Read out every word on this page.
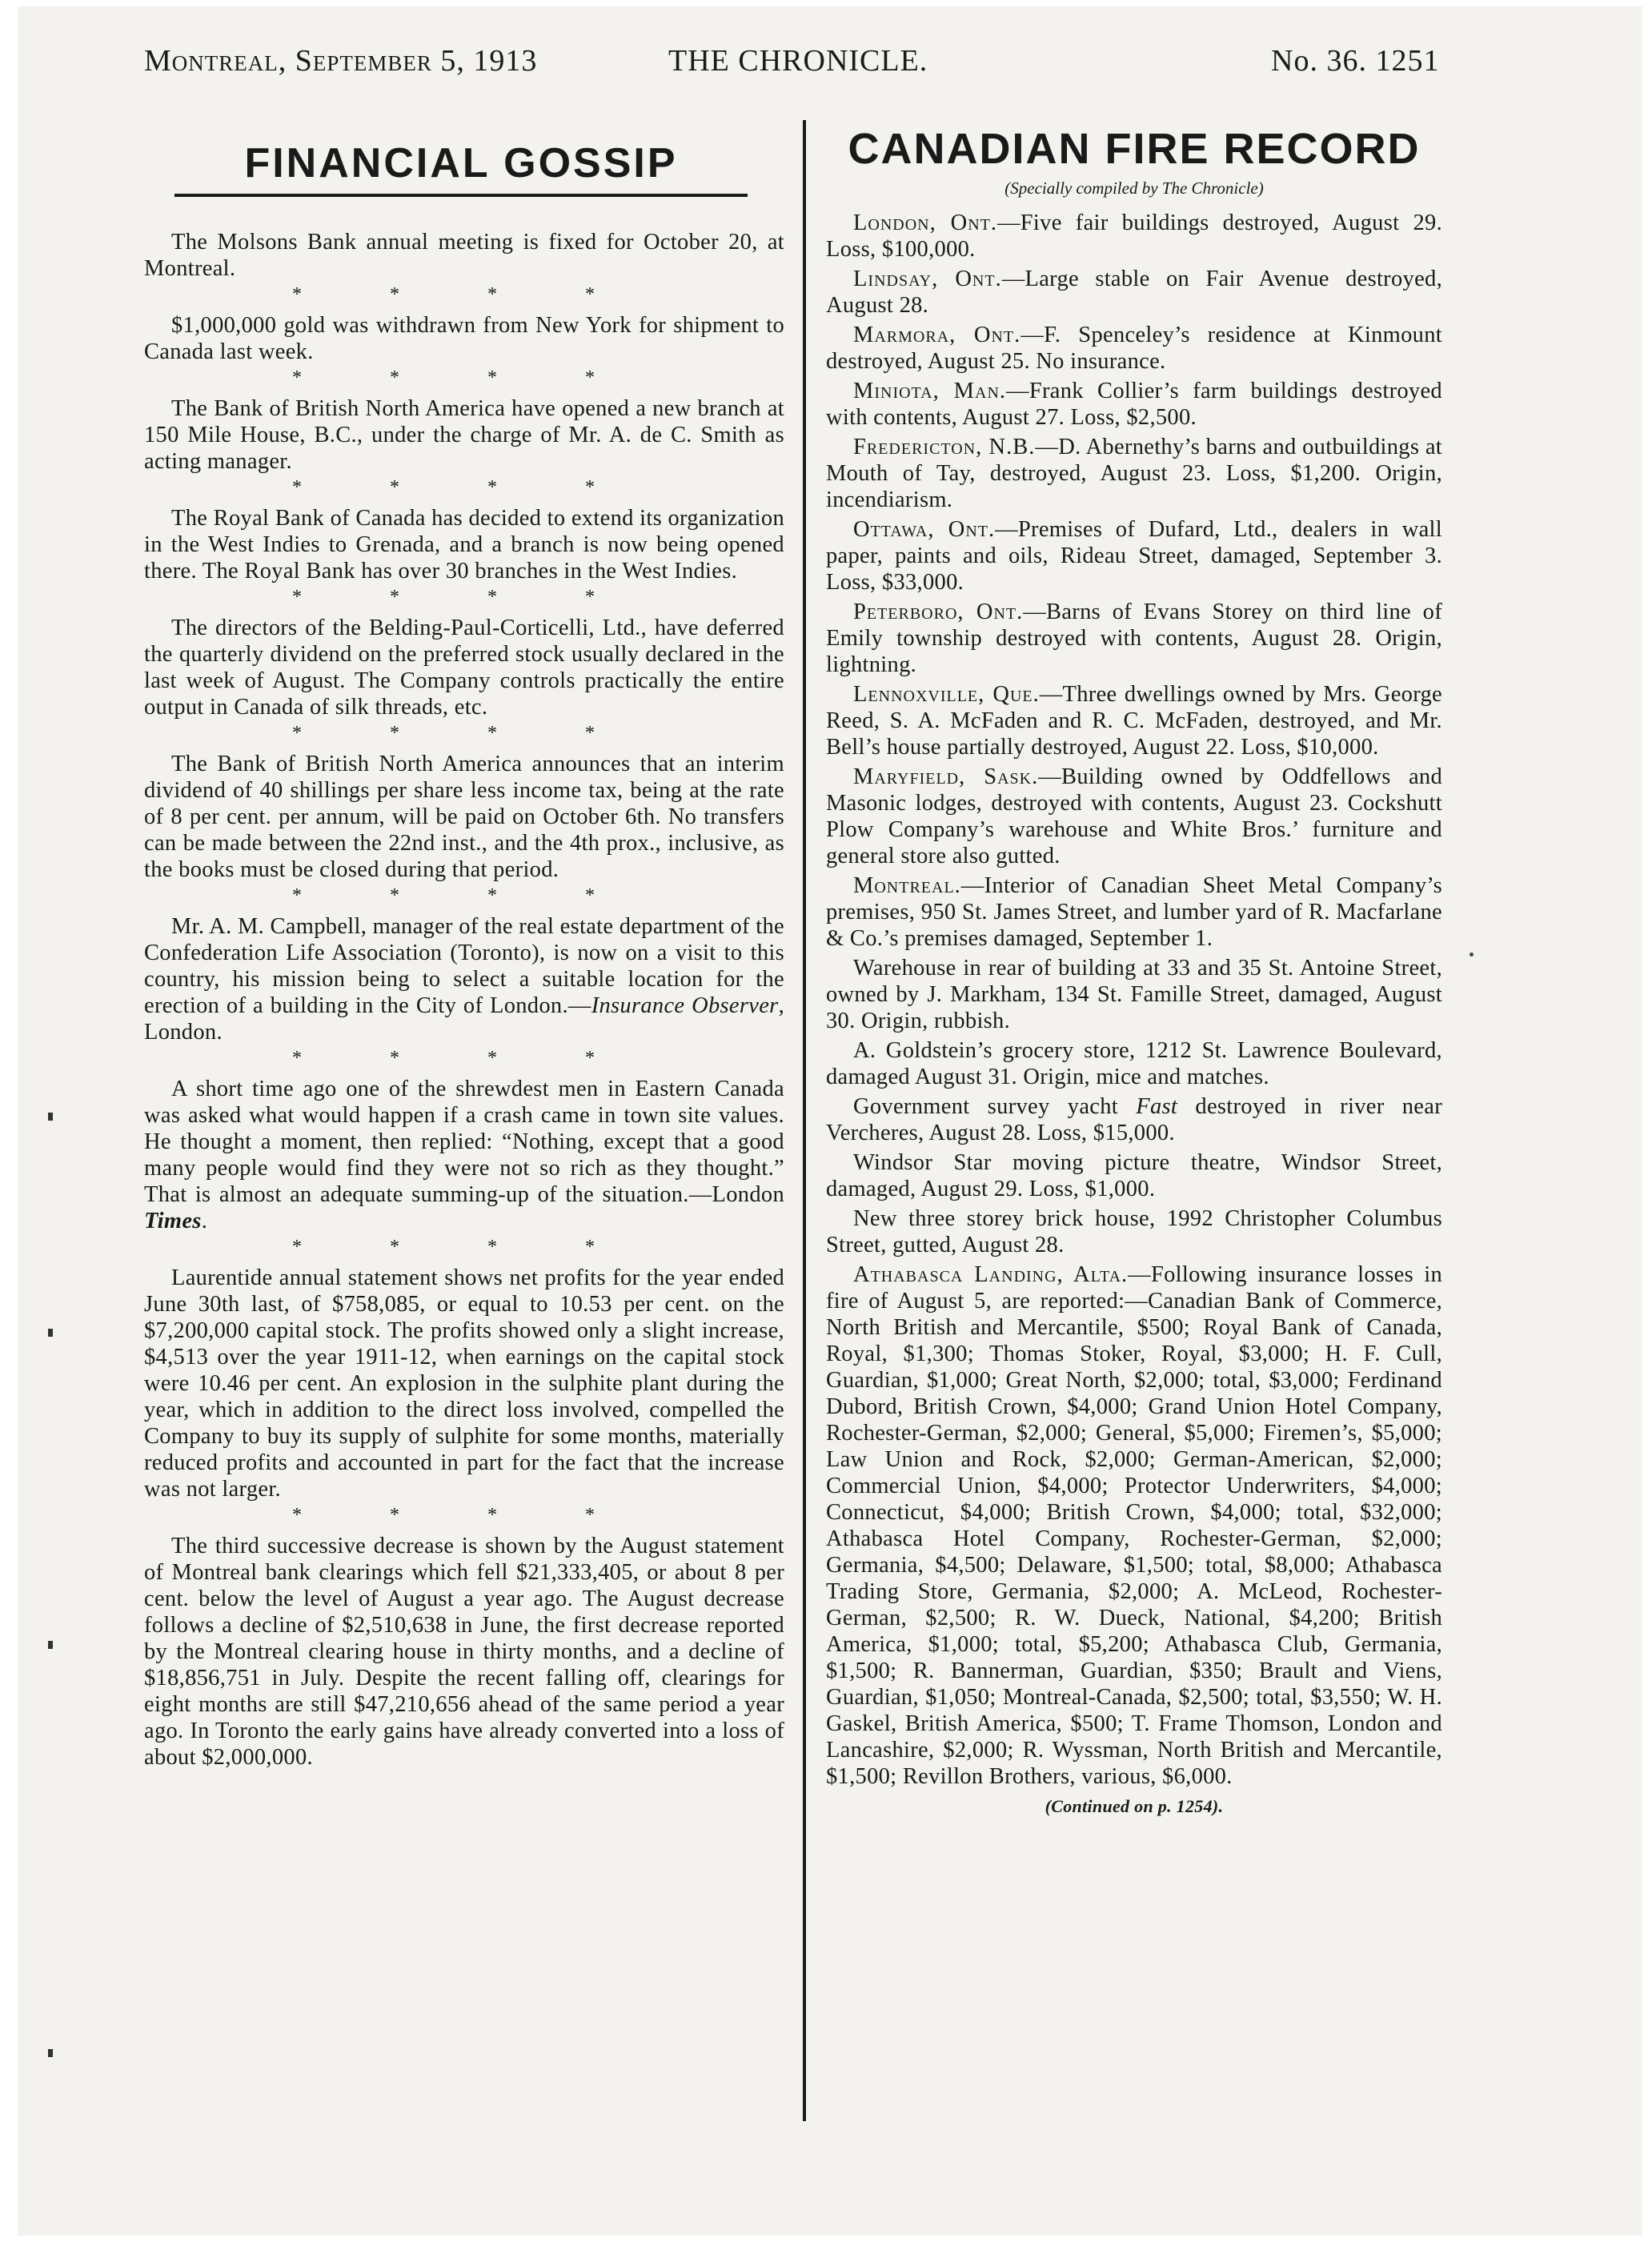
Montreal, September 5, 1913	THE CHRONICLE.	No. 36. 1251
FINANCIAL GOSSIP

The Molsons Bank annual meeting is fixed for October 20, at Montreal.

* * * *

$1,000,000 gold was withdrawn from New York for shipment to Canada last week.

* * * *

The Bank of British North America have opened a new branch at 150 Mile House, B.C., under the charge of Mr. A. de C. Smith as acting manager.

* * * *

The Royal Bank of Canada has decided to extend its organization in the West Indies to Grenada, and a branch is now being opened there. The Royal Bank has over 30 branches in the West Indies.

* * * *

The directors of the Belding-Paul-Corticelli, Ltd., have deferred the quarterly dividend on the preferred stock usually declared in the last week of August. The Company controls practically the entire output in Canada of silk threads, etc.

* * * *

The Bank of British North America announces that an interim dividend of 40 shillings per share less income tax, being at the rate of 8 per cent. per annum, will be paid on October 6th. No transfers can be made between the 22nd inst., and the 4th prox., inclusive, as the books must be closed during that period.

* * * *

Mr. A. M. Campbell, manager of the real estate department of the Confederation Life Association (Toronto), is now on a visit to this country, his mission being to select a suitable location for the erection of a building in the City of London.—Insurance Observer, London.

* * * *

A short time ago one of the shrewdest men in Eastern Canada was asked what would happen if a crash came in town site values. He thought a moment, then replied: “Nothing, except that a good many people would find they were not so rich as they thought.” That is almost an adequate summing-up of the situation.—London Times.

* * * *

Laurentide annual statement shows net profits for the year ended June 30th last, of $758,085, or equal to 10.53 per cent. on the $7,200,000 capital stock. The profits showed only a slight increase, $4,513 over the year 1911-12, when earnings on the capital stock were 10.46 per cent. An explosion in the sulphite plant during the year, which in addition to the direct loss involved, compelled the Company to buy its supply of sulphite for some months, materially reduced profits and accounted in part for the fact that the increase was not larger.

* * * *

The third successive decrease is shown by the August statement of Montreal bank clearings which fell $21,333,405, or about 8 per cent. below the level of August a year ago. The August decrease follows a decline of $2,510,638 in June, the first decrease reported by the Montreal clearing house in thirty months, and a decline of $18,856,751 in July. Despite the recent falling off, clearings for eight months are still $47,210,656 ahead of the same period a year ago. In Toronto the early gains have already converted into a loss of about $2,000,000.

CANADIAN FIRE RECORD
(Specially compiled by The Chronicle)

London, Ont.—Five fair buildings destroyed, August 29. Loss, $100,000.

Lindsay, Ont.—Large stable on Fair Avenue destroyed, August 28.

Marmora, Ont.—F. Spenceley’s residence at Kinmount destroyed, August 25. No insurance.

Miniota, Man.—Frank Collier’s farm buildings destroyed with contents, August 27. Loss, $2,500.

Fredericton, N.B.—D. Abernethy’s barns and outbuildings at Mouth of Tay, destroyed, August 23. Loss, $1,200. Origin, incendiarism.

Ottawa, Ont.—Premises of Dufard, Ltd., dealers in wall paper, paints and oils, Rideau Street, damaged, September 3. Loss, $33,000.

Peterboro, Ont.—Barns of Evans Storey on third line of Emily township destroyed with contents, August 28. Origin, lightning.

Lennoxville, Que.—Three dwellings owned by Mrs. George Reed, S. A. McFaden and R. C. McFaden, destroyed, and Mr. Bell’s house partially destroyed, August 22. Loss, $10,000.

Maryfield, Sask.—Building owned by Oddfellows and Masonic lodges, destroyed with contents, August 23. Cockshutt Plow Company’s warehouse and White Bros.’ furniture and general store also gutted.

Montreal.—Interior of Canadian Sheet Metal Company’s premises, 950 St. James Street, and lumber yard of R. Macfarlane & Co.’s premises damaged, September 1.

Warehouse in rear of building at 33 and 35 St. Antoine Street, owned by J. Markham, 134 St. Famille Street, damaged, August 30. Origin, rubbish.

A. Goldstein’s grocery store, 1212 St. Lawrence Boulevard, damaged August 31. Origin, mice and matches.

Government survey yacht Fast destroyed in river near Vercheres, August 28. Loss, $15,000.

Windsor Star moving picture theatre, Windsor Street, damaged, August 29. Loss, $1,000.

New three storey brick house, 1992 Christopher Columbus Street, gutted, August 28.

Athabasca Landing, Alta.—Following insurance losses in fire of August 5, are reported:—Canadian Bank of Commerce, North British and Mercantile, $500; Royal Bank of Canada, Royal, $1,300; Thomas Stoker, Royal, $3,000; H. F. Cull, Guardian, $1,000; Great North, $2,000; total, $3,000; Ferdinand Dubord, British Crown, $4,000; Grand Union Hotel Company, Rochester-German, $2,000; General, $5,000; Firemen’s, $5,000; Law Union and Rock, $2,000; German-American, $2,000; Commercial Union, $4,000; Protector Underwriters, $4,000; Connecticut, $4,000; British Crown, $4,000; total, $32,000; Athabasca Hotel Company, Rochester-German, $2,000; Germania, $4,500; Delaware, $1,500; total, $8,000; Athabasca Trading Store, Germania, $2,000; A. McLeod, Rochester-German, $2,500; R. W. Dueck, National, $4,200; British America, $1,000; total, $5,200; Athabasca Club, Germania, $1,500; R. Bannerman, Guardian, $350; Brault and Viens, Guardian, $1,050; Montreal-Canada, $2,500; total, $3,550; W. H. Gaskel, British America, $500; T. Frame Thomson, London and Lancashire, $2,000; R. Wyssman, North British and Mercantile, $1,500; Revillon Brothers, various, $6,000.

(Continued on p. 1254).
